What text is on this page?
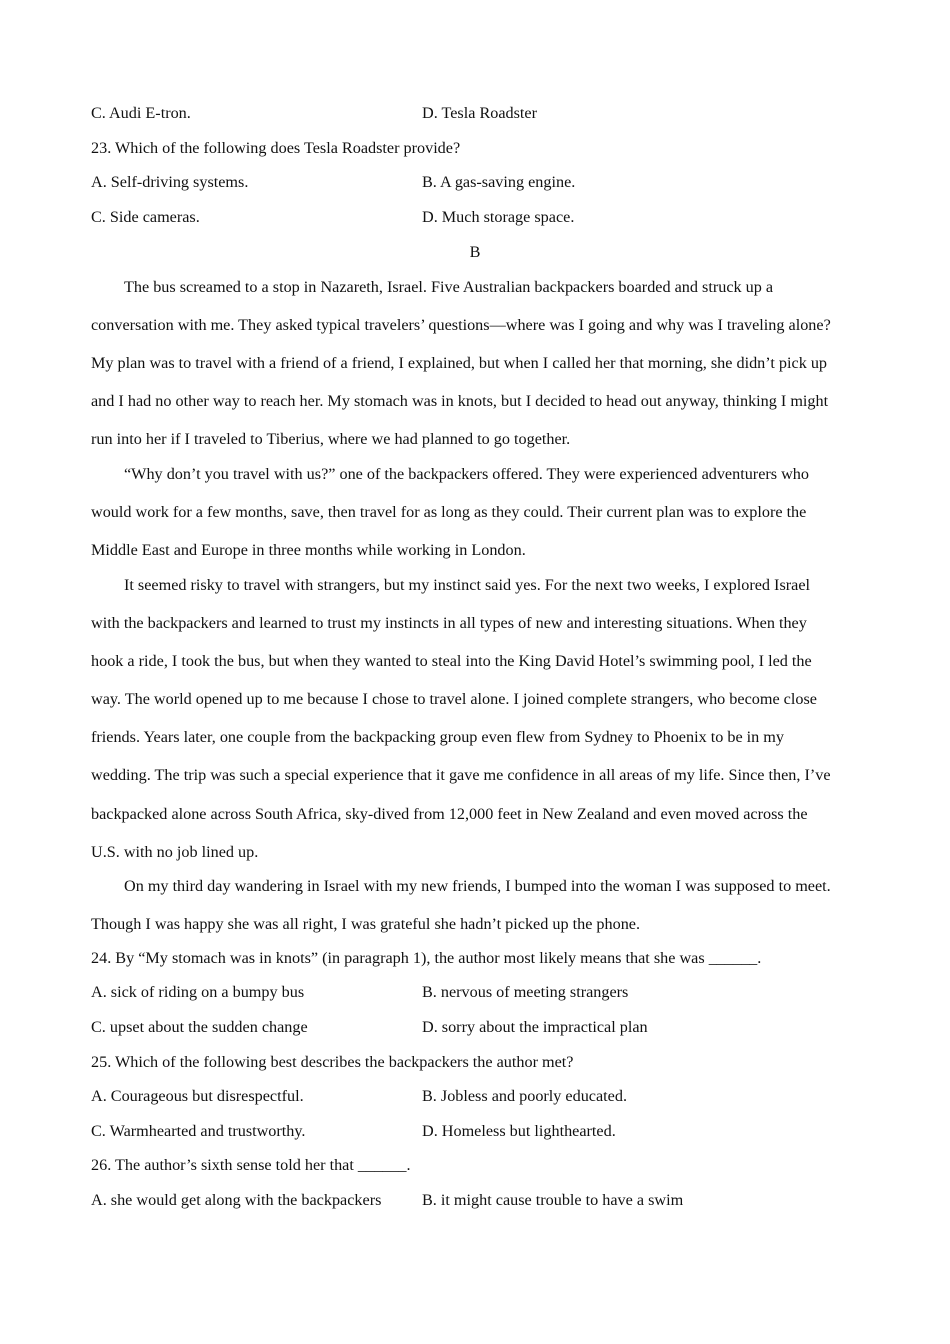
C. Audi E-tron.	D. Tesla Roadster
23. Which of the following does Tesla Roadster provide?
A. Self-driving systems.	B. A gas-saving engine.
C. Side cameras.	D. Much storage space.
B
The bus screamed to a stop in Nazareth, Israel. Five Australian backpackers boarded and struck up a
conversation with me. They asked typical travelers’ questions—where was I going and why was I traveling alone?
My plan was to travel with a friend of a friend, I explained, but when I called her that morning, she didn’t pick up
and I had no other way to reach her. My stomach was in knots, but I decided to head out anyway, thinking I might
run into her if I traveled to Tiberius, where we had planned to go together.
“Why don’t you travel with us?” one of the backpackers offered. They were experienced adventurers who
would work for a few months, save, then travel for as long as they could. Their current plan was to explore the
Middle East and Europe in three months while working in London.
It seemed risky to travel with strangers, but my instinct said yes. For the next two weeks, I explored Israel
with the backpackers and learned to trust my instincts in all types of new and interesting situations. When they
hook a ride, I took the bus, but when they wanted to steal into the King David Hotel’s swimming pool, I led the
way. The world opened up to me because I chose to travel alone. I joined complete strangers, who become close
friends. Years later, one couple from the backpacking group even flew from Sydney to Phoenix to be in my
wedding. The trip was such a special experience that it gave me confidence in all areas of my life. Since then, I’ve
backpacked alone across South Africa, sky-dived from 12,000 feet in New Zealand and even moved across the
U.S. with no job lined up.
On my third day wandering in Israel with my new friends, I bumped into the woman I was supposed to meet.
Though I was happy she was all right, I was grateful she hadn’t picked up the phone.
24. By “My stomach was in knots” (in paragraph 1), the author most likely means that she was ______.
A. sick of riding on a bumpy bus	B. nervous of meeting strangers
C. upset about the sudden change	D. sorry about the impractical plan
25. Which of the following best describes the backpackers the author met?
A. Courageous but disrespectful.	B. Jobless and poorly educated.
C. Warmhearted and trustworthy.	D. Homeless but lighthearted.
26. The author’s sixth sense told her that ______.
A. she would get along with the backpackers	B. it might cause trouble to have a swim
